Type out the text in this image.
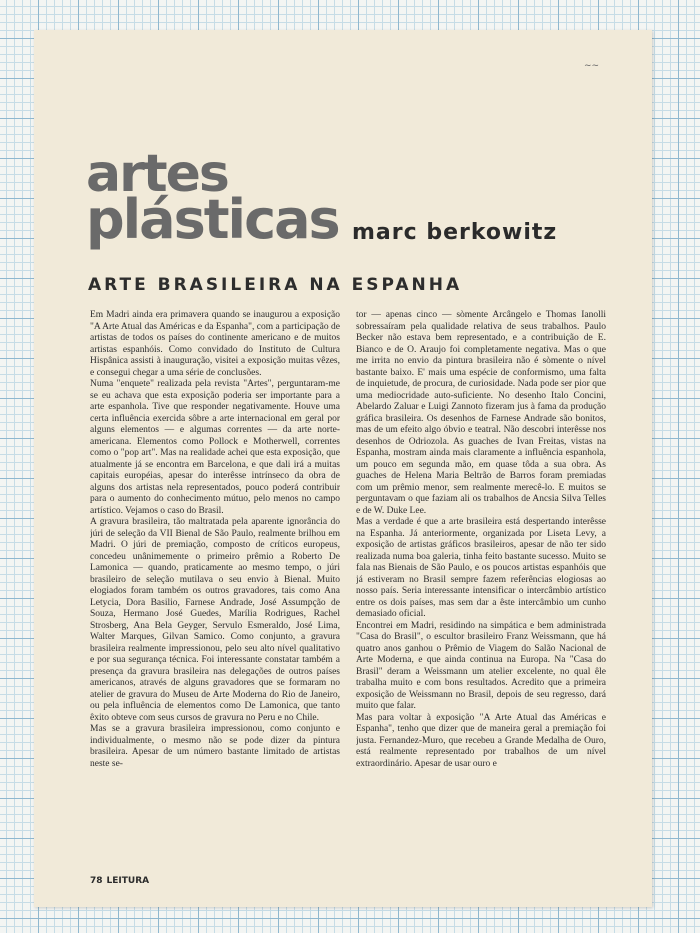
~~
artes
plásticas marc berkowitz
ARTE BRASILEIRA NA ESPANHA

Em Madri ainda era primavera quando se inaugurou a exposição "A Arte Atual das Américas e da Espanha", com a participação de artistas de todos os países do continente americano e de muitos artistas espanhóis. Como convidado do Instituto de Cultura Hispânica assisti à inauguração, visitei a exposição muitas vêzes, e consegui chegar a uma série de conclusões.

Numa "enquete" realizada pela revista "Artes", perguntaram-me se eu achava que esta exposição poderia ser importante para a arte espanhola. Tive que responder negativamente. Houve uma certa influência exercida sôbre a arte internacional em geral por alguns elementos — e algumas correntes — da arte norte-americana. Elementos como Pollock e Motherwell, correntes como o "pop art". Mas na realidade achei que esta exposição, que atualmente já se encontra em Barcelona, e que dali irá a muitas capitais européias, apesar do interêsse intrínseco da obra de alguns dos artistas nela representados, pouco poderá contribuir para o aumento do conhecimento mútuo, pelo menos no campo artístico. Vejamos o caso do Brasil.

A gravura brasileira, tão maltratada pela aparente ignorância do júri de seleção da VII Bienal de São Paulo, realmente brilhou em Madri. O júri de premiação, composto de críticos europeus, concedeu unânimemente o primeiro prêmio a Roberto De Lamonica — quando, praticamente ao mesmo tempo, o júri brasileiro de seleção mutilava o seu envio à Bienal. Muito elogiados foram também os outros gravadores, tais como Ana Letycia, Dora Basilio, Farnese Andrade, José Assumpção de Souza, Hermano José Guedes, Marília Rodrigues, Rachel Strosberg, Ana Bela Geyger, Servulo Esmeraldo, José Lima, Walter Marques, Gilvan Samico. Como conjunto, a gravura brasileira realmente impressionou, pelo seu alto nível qualitativo e por sua segurança técnica. Foi interessante constatar também a presença da gravura brasileira nas delegações de outros países americanos, através de alguns gravadores que se formaram no atelier de gravura do Museu de Arte Moderna do Rio de Janeiro, ou pela influência de elementos como De Lamonica, que tanto êxito obteve com seus cursos de gravura no Peru e no Chile.

Mas se a gravura brasileira impressionou, como conjunto e individualmente, o mesmo não se pode dizer da pintura brasileira. Apesar de um número bastante limitado de artistas neste se-

tor — apenas cinco — sòmente Arcângelo e Thomas Ianolli sobressaíram pela qualidade relativa de seus trabalhos. Paulo Becker não estava bem representado, e a contribuição de E. Bianco e de O. Araujo foi completamente negativa. Mas o que me irrita no envio da pintura brasileira não é sòmente o nível bastante baixo. E' mais uma espécie de conformismo, uma falta de inquietude, de procura, de curiosidade. Nada pode ser pior que uma mediocridade auto-suficiente. No desenho Italo Concini, Abelardo Zaluar e Luigi Zannoto fizeram jus à fama da produção gráfica brasileira. Os desenhos de Farnese Andrade são bonitos, mas de um efeito algo óbvio e teatral. Não descobri interêsse nos desenhos de Odriozola. As guaches de Ivan Freitas, vistas na Espanha, mostram ainda mais claramente a influência espanhola, um pouco em segunda mão, em quase tôda a sua obra. As guaches de Helena Maria Beltrão de Barros foram premiadas com um prêmio menor, sem realmente merecê-lo. E muitos se perguntavam o que faziam ali os trabalhos de Ancsia Silva Telles e de W. Duke Lee.

Mas a verdade é que a arte brasileira está despertando interêsse na Espanha. Já anteriormente, organizada por Liseta Levy, a exposição de artistas gráficos brasileiros, apesar de não ter sido realizada numa boa galeria, tinha feito bastante sucesso. Muito se fala nas Bienais de São Paulo, e os poucos artistas espanhóis que já estiveram no Brasil sempre fazem referências elogiosas ao nosso país. Seria interessante intensificar o intercâmbio artístico entre os dois países, mas sem dar a êste intercâmbio um cunho demasiado oficial.

Encontrei em Madri, residindo na simpática e bem administrada "Casa do Brasil", o escultor brasileiro Franz Weissmann, que há quatro anos ganhou o Prêmio de Viagem do Salão Nacional de Arte Moderna, e que ainda continua na Europa. Na "Casa do Brasil" deram a Weissmann um atelier excelente, no qual êle trabalha muito e com bons resultados. Acredito que a primeira exposição de Weissmann no Brasil, depois de seu regresso, dará muito que falar.

Mas para voltar à exposição "A Arte Atual das Américas e Espanha", tenho que dizer que de maneira geral a premiação foi justa. Fernandez-Muro, que recebeu a Grande Medalha de Ouro, está realmente representado por trabalhos de um nível extraordinário. Apesar de usar ouro e

78 LEITURA
